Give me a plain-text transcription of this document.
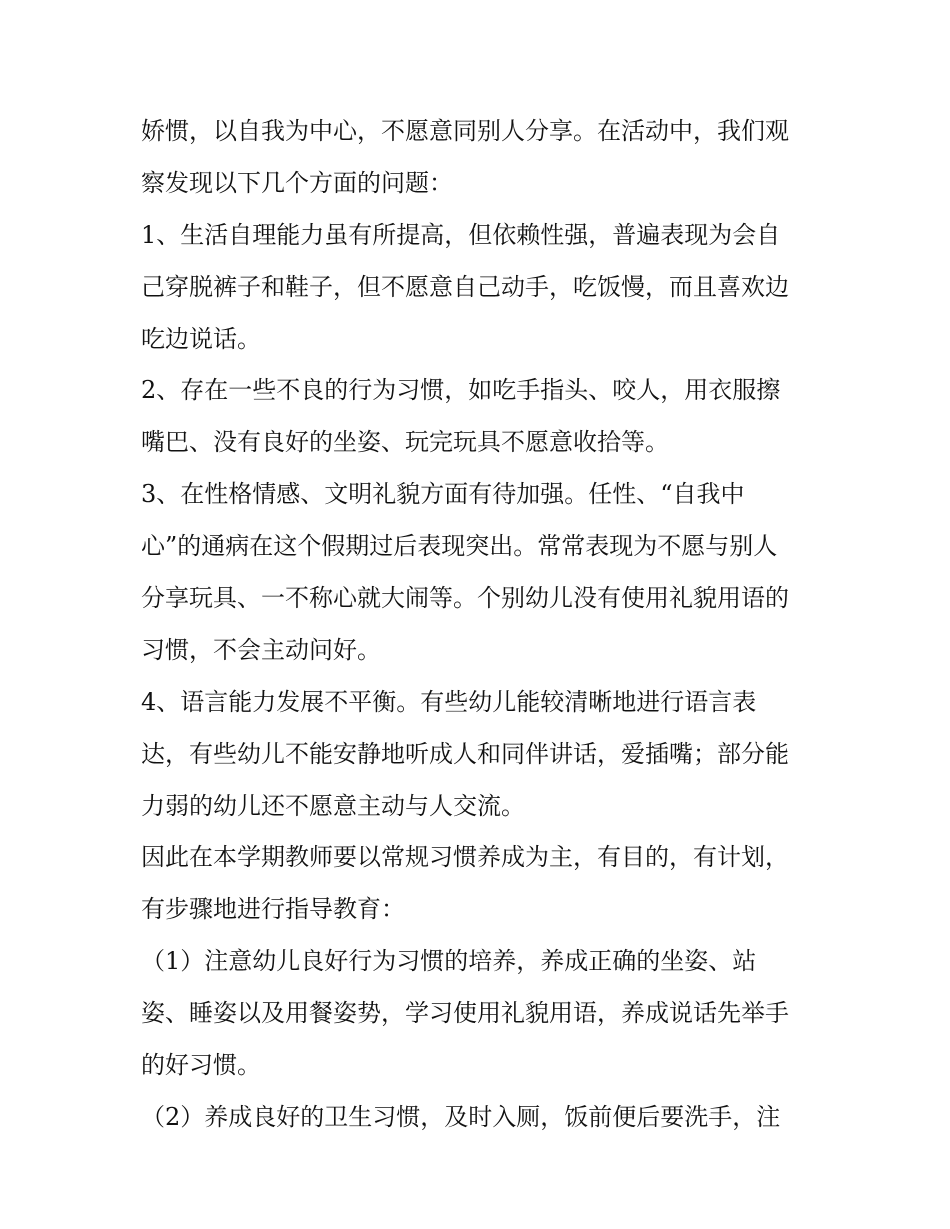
娇惯，以自我为中心，不愿意同别人分享。在活动中，我们观
察发现以下几个方面的问题：
1、生活自理能力虽有所提高，但依赖性强，普遍表现为会自
己穿脱裤子和鞋子，但不愿意自己动手，吃饭慢，而且喜欢边
吃边说话。
2、存在一些不良的行为习惯，如吃手指头、咬人，用衣服擦
嘴巴、没有良好的坐姿、玩完玩具不愿意收拾等。
3、在性格情感、文明礼貌方面有待加强。任性、“自我中
心”的通病在这个假期过后表现突出。常常表现为不愿与别人
分享玩具、一不称心就大闹等。个别幼儿没有使用礼貌用语的
习惯，不会主动问好。
4、语言能力发展不平衡。有些幼儿能较清晰地进行语言表
达，有些幼儿不能安静地听成人和同伴讲话，爱插嘴；部分能
力弱的幼儿还不愿意主动与人交流。
因此在本学期教师要以常规习惯养成为主，有目的，有计划，
有步骤地进行指导教育：
（1）注意幼儿良好行为习惯的培养，养成正确的坐姿、站
姿、睡姿以及用餐姿势，学习使用礼貌用语，养成说话先举手
的好习惯。
（2）养成良好的卫生习惯，及时入厕，饭前便后要洗手，注
